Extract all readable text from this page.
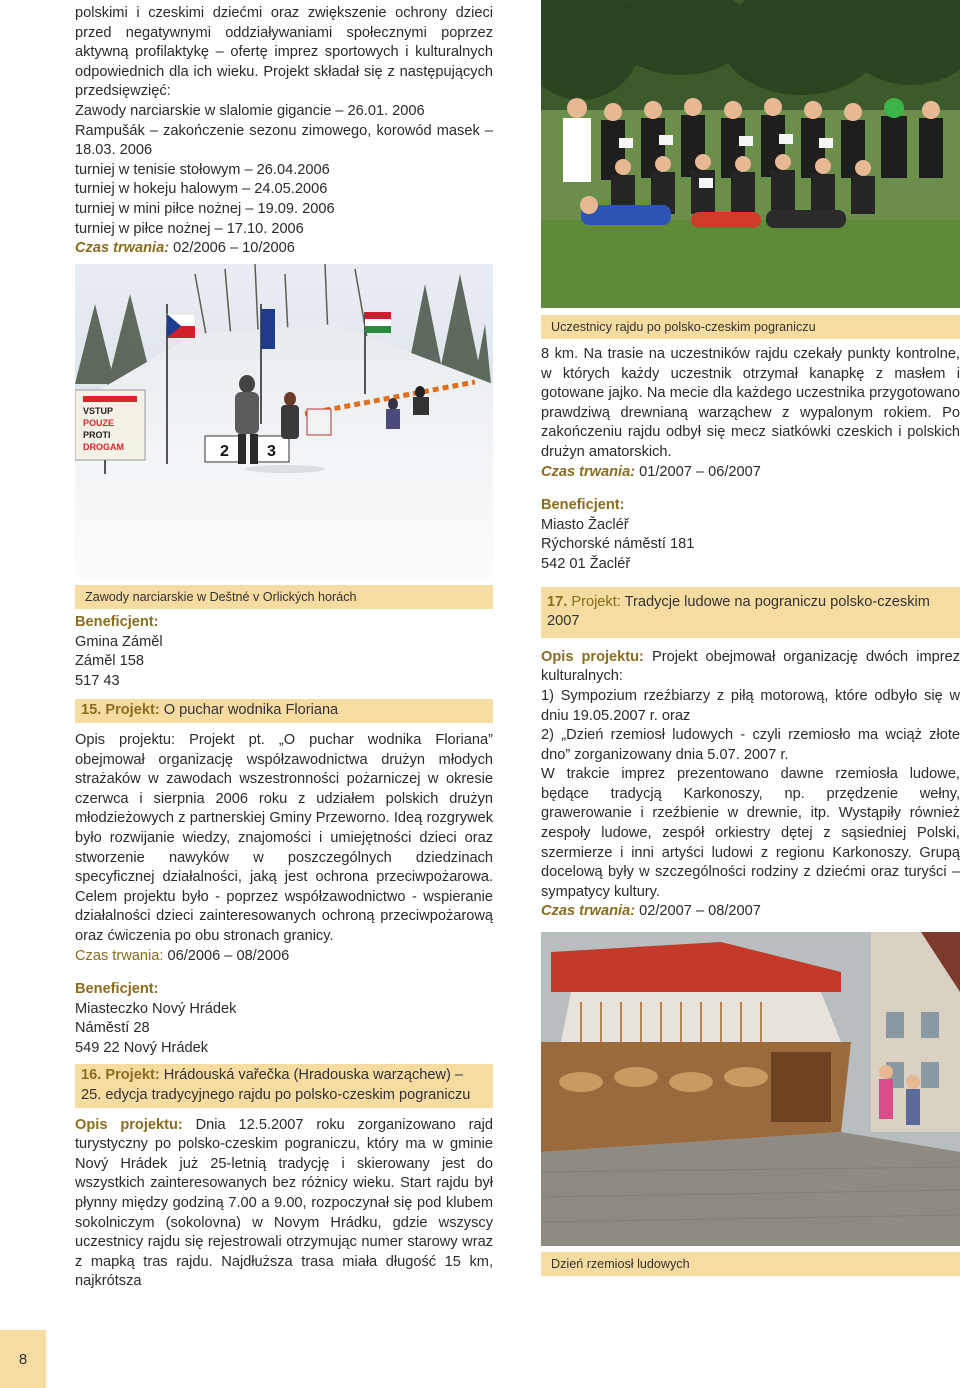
polskimi i czeskimi dziećmi oraz zwiększenie ochrony dzieci przed negatywnymi oddziaływaniami społecznymi poprzez aktywną profilaktykę – ofertę imprez sportowych i kulturalnych odpowiednich dla ich wieku. Projekt składał się z następujących przedsięwzięć:

Zawody narciarskie w slalomie gigancie – 26.01. 2006

Rampušák – zakończenie sezonu zimowego, korowód masek – 18.03. 2006

turniej w tenisie stołowym – 26.04.2006

turniej w hokeju halowym – 24.05.2006

turniej w mini piłce nożnej – 19.09. 2006

turniej w piłce nożnej – 17.10. 2006

Czas trwania: 02/2006 – 10/2006

VSTUP
POUZE
PROTI
DROGAM	2 3
Zawody narciarskie w Deštné v Orlických horách

Beneficjent:

Gmina Záměl

Záměl 158

517 43

15. Projekt: O puchar wodnika Floriana

Opis projektu: Projekt pt. „O puchar wodnika Floriana” obejmował organizację współzawodnictwa drużyn młodych strażaków w zawodach wszestronności pożarniczej w okresie czerwca i sierpnia 2006 roku z udziałem polskich drużyn młodzieżowych z partnerskiej Gminy Przeworno. Ideą rozgrywek było rozwijanie wiedzy, znajomości i umiejętności dzieci oraz stworzenie nawyków w poszczególnych dziedzinach specyficznej działalności, jaką jest ochrona przeciwpożarowa. Celem projektu było - poprzez współzawodnictwo - wspieranie działalności dzieci zainteresowanych ochroną przeciwpożarową oraz ćwiczenia po obu stronach granicy.

Czas trwania: 06/2006 – 08/2006

Beneficjent:

Miasteczko Nový Hrádek

Náměstí 28

549 22 Nový Hrádek

16. Projekt: Hrádouská vařečka (Hradouska warząchew) – 25. edycja tradycyjnego rajdu po polsko-czeskim pograniczu

Opis projektu: Dnia 12.5.2007 roku zorganizowano rajd turystyczny po polsko-czeskim pograniczu, który ma w gminie Nový Hrádek już 25-letnią tradycję i skierowany jest do wszystkich zainteresowanych bez różnicy wieku. Start rajdu był płynny między godziną 7.00 a 9.00, rozpoczynał się pod klubem sokolniczym (sokolovna) w Novym Hrádku, gdzie wszyscy uczestnicy rajdu się rejestrowali otrzymując numer starowy wraz z mapką tras rajdu. Najdłuższa trasa miała długość 15 km, najkrótsza

Uczestnicy rajdu po polsko-czeskim pograniczu

8 km. Na trasie na uczestników rajdu czekały punkty kontrolne, w których każdy uczestnik otrzymał kanapkę z masłem i gotowane jajko. Na mecie dla każdego uczestnika przygotowano prawdziwą drewnianą warząchew z wypalonym rokiem. Po zakończeniu rajdu odbył się mecz siatkówki czeskich i polskich drużyn amatorskich.

Czas trwania: 01/2007 – 06/2007

Beneficjent:

Miasto Žacléř

Rýchorské náměstí 181

542 01 Žacléř

17. Projekt: Tradycje ludowe na pograniczu polsko-czeskim 2007

Opis projektu: Projekt obejmował organizację dwóch imprez kulturalnych:

1) Sympozium rzeźbiarzy z piłą motorową, które odbyło się w dniu 19.05.2007 r. oraz

2) „Dzień rzemiosł ludowych - czyli rzemiosło ma wciąż złote dno” zorganizowany dnia 5.07. 2007 r.

W trakcie imprez prezentowano dawne rzemiosła ludowe, będące tradycją Karkonoszy, np. przędzenie wełny, grawerowanie i rzeźbienie w drewnie, itp. Wystąpiły również zespoły ludowe, zespół orkiestry dętej z sąsiedniej Polski, szermierze i inni artyści ludowi z regionu Karkonoszy. Grupą docelową były w szczególności rodziny z dziećmi oraz turyści – sympatycy kultury.

Czas trwania: 02/2007 – 08/2007

Dzień rzemiosł ludowych
8
